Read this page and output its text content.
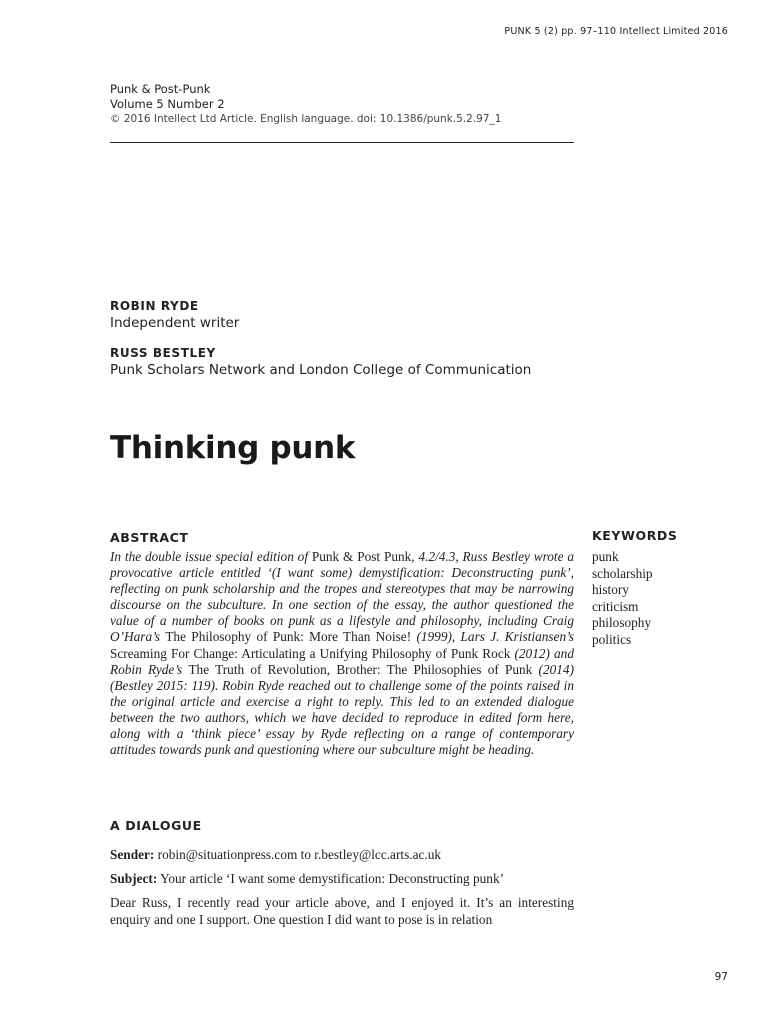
PUNK 5 (2) pp. 97–110 Intellect Limited 2016
Punk & Post-Punk
Volume 5 Number 2
© 2016 Intellect Ltd Article. English language. doi: 10.1386/punk.5.2.97_1
ROBIN RYDE
Independent writer
RUSS BESTLEY
Punk Scholars Network and London College of Communication
Thinking punk
ABSTRACT
In the double issue special edition of Punk & Post Punk, 4.2/4.3, Russ Bestley wrote a provocative article entitled ‘(I want some) demystification: Deconstructing punk’, reflecting on punk scholarship and the tropes and stereotypes that may be narrowing discourse on the subculture. In one section of the essay, the author questioned the value of a number of books on punk as a lifestyle and philosophy, including Craig O’Hara’s The Philosophy of Punk: More Than Noise! (1999), Lars J. Kristiansen’s Screaming For Change: Articulating a Unifying Philosophy of Punk Rock (2012) and Robin Ryde’s The Truth of Revolution, Brother: The Philosophies of Punk (2014) (Bestley 2015: 119). Robin Ryde reached out to challenge some of the points raised in the original article and exercise a right to reply. This led to an extended dialogue between the two authors, which we have decided to reproduce in edited form here, along with a ‘think piece’ essay by Ryde reflecting on a range of contemporary attitudes towards punk and questioning where our subculture might be heading.
KEYWORDS
punk
scholarship
history
criticism
philosophy
politics
A DIALOGUE
Sender: robin@situationpress.com to r.bestley@lcc.arts.ac.uk
Subject: Your article ‘I want some demystification: Deconstructing punk’
Dear Russ, I recently read your article above, and I enjoyed it. It’s an interesting enquiry and one I support. One question I did want to pose is in relation
97
